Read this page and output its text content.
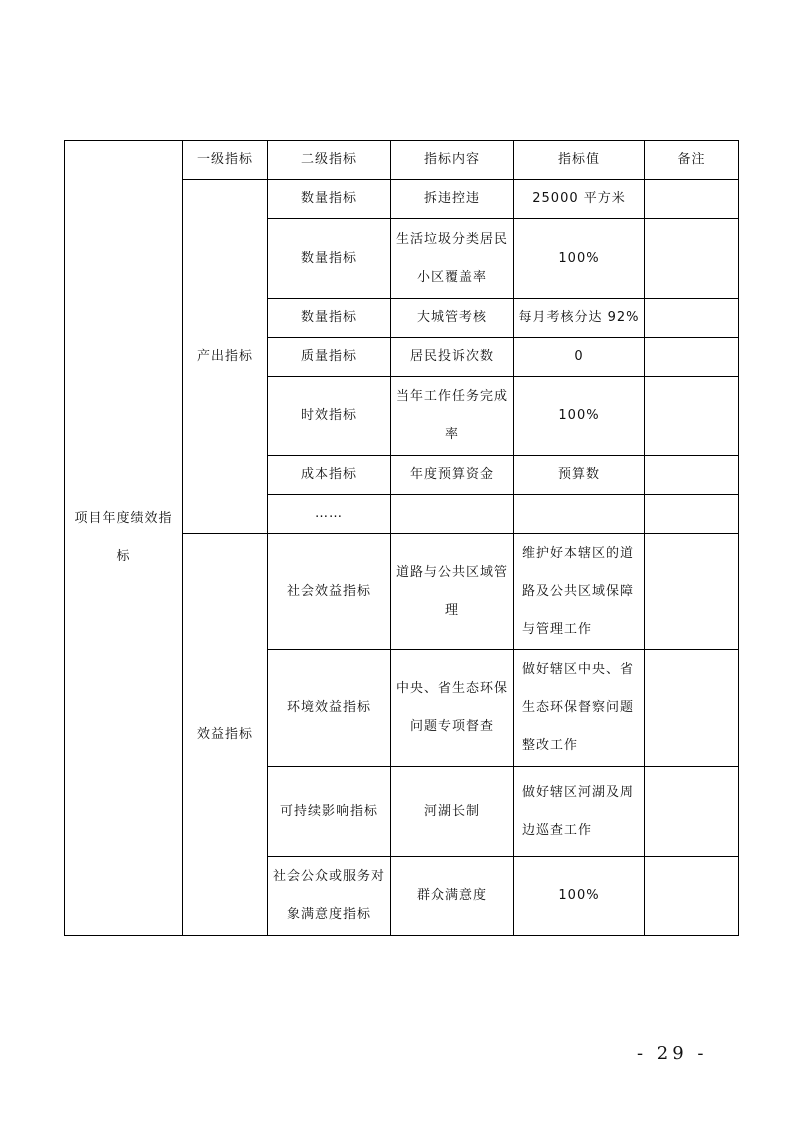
项目年度绩效指标	一级指标	二级指标	指标内容	指标值	备注
	产出指标	数量指标	拆违控违	25000 平方米	
		数量指标	生活垃圾分类居民小区覆盖率	100%	
		数量指标	大城管考核	每月考核分达 92%	
		质量指标	居民投诉次数	0	
		时效指标	当年工作任务完成率	100%	
		成本指标	年度预算资金	预算数	
		……			
	效益指标	社会效益指标	道路与公共区域管理	维护好本辖区的道路及公共区域保障与管理工作	
		环境效益指标	中央、省生态环保问题专项督查	做好辖区中央、省生态环保督察问题整改工作	
		可持续影响指标	河湖长制	做好辖区河湖及周边巡查工作	
		社会公众或服务对象满意度指标	群众满意度	100%	
- 29 -
